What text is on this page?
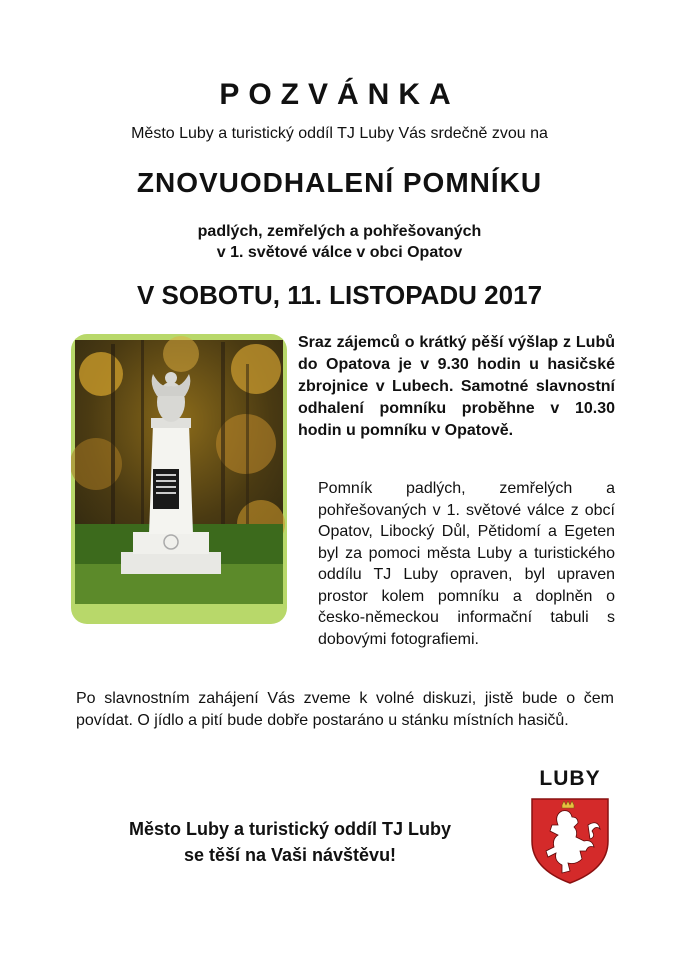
POZVÁNKA
Město Luby a turistický oddíl TJ Luby Vás srdečně zvou na
ZNOVUODHALENÍ POMNÍKU
padlých, zemřelých a pohřešovaných
v 1. světové válce v obci Opatov
V SOBOTU, 11. LISTOPADU 2017
Sraz zájemců o krátký pěší výšlap z Lubů do Opatova je v 9.30 hodin u hasičské zbrojnice v Lubech. Samotné slavnostní odhalení pomníku proběhne v 10.30 hodin u pomníku v Opatově.
Pomník padlých, zemřelých a pohřešovaných v 1. světové válce z obcí Opatov, Libocký Důl, Pětidomí a Egeten byl za pomoci města Luby a turistického oddílu TJ Luby opraven, byl upraven prostor kolem pomníku a doplněn o česko-německou informační tabuli s dobovými fotografiemi.
Po slavnostním zahájení Vás zveme k volné diskuzi, jistě bude o čem povídat. O jídlo a pití bude dobře postaráno u stánku místních hasičů.
Město Luby a turistický oddíl TJ Luby
se těší na Vaši návštěvu!
LUBY
